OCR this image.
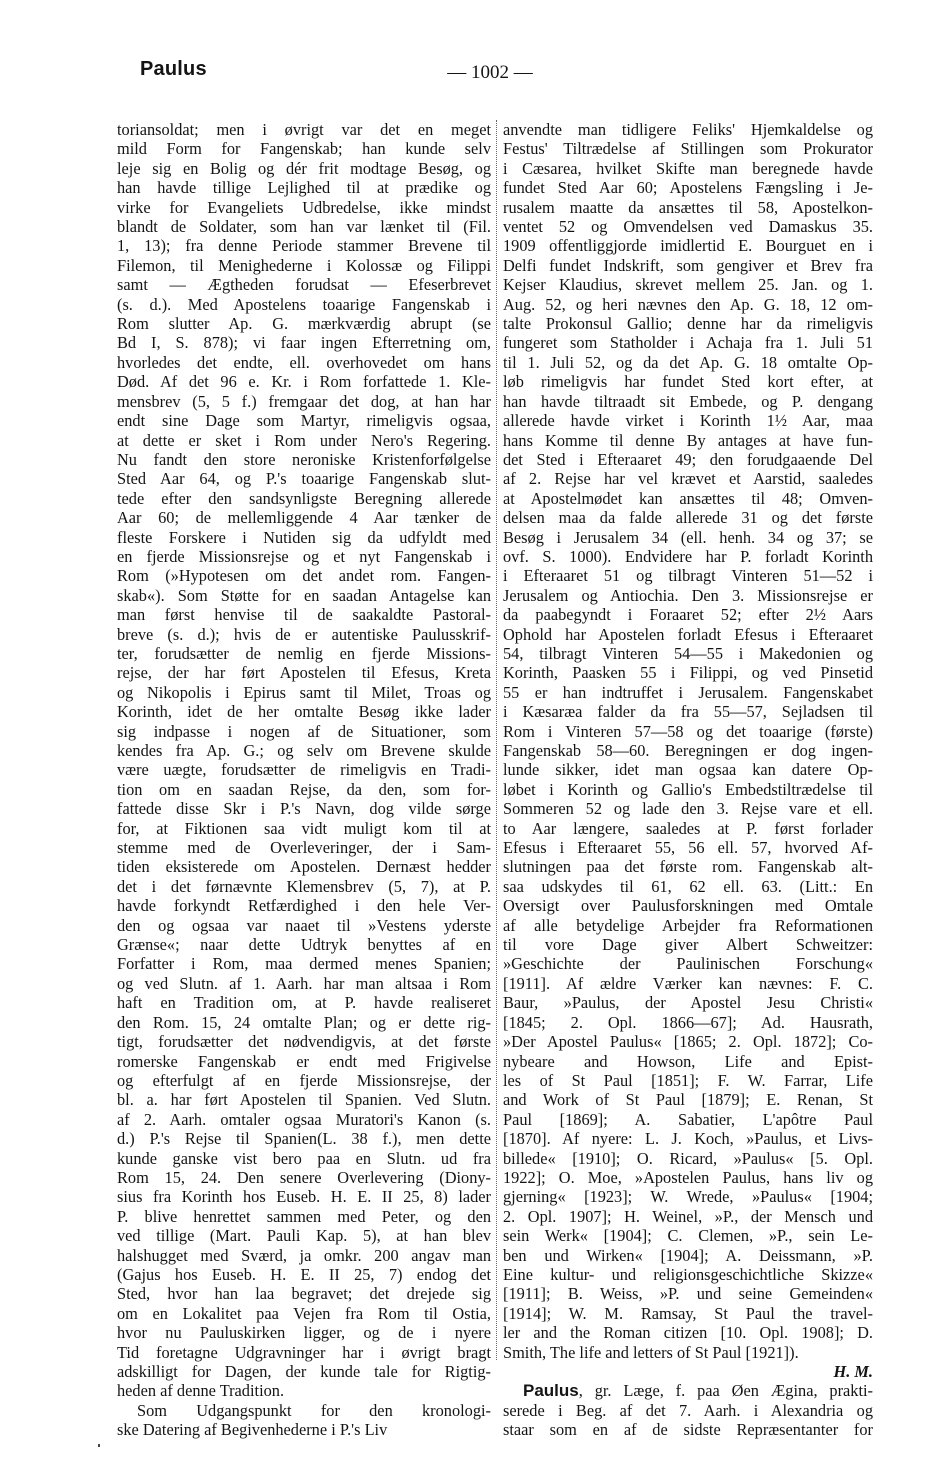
Paulus	— 1002 —
toriansoldat; men i øvrigt var det en meget
mild Form for Fangenskab; han kunde selv
leje sig en Bolig og dér frit modtage Besøg, og
han havde tillige Lejlighed til at prædike og
virke for Evangeliets Udbredelse, ikke mindst
blandt de Soldater, som han var lænket til (Fil.
1, 13); fra denne Periode stammer Brevene til
Filemon, til Menighederne i Kolossæ og Filippi
samt — Ægtheden forudsat — Efeserbrevet
(s. d.). Med Apostelens toaarige Fangenskab i
Rom slutter Ap. G. mærkværdig abrupt (se
Bd I, S. 878); vi faar ingen Efterretning om,
hvorledes det endte, ell. overhovedet om hans
Død. Af det 96 e. Kr. i Rom forfattede 1. Kle-
mensbrev (5, 5 f.) fremgaar det dog, at han har
endt sine Dage som Martyr, rimeligvis ogsaa,
at dette er sket i Rom under Nero's Regering.
Nu fandt den store neroniske Kristenforfølgelse
Sted Aar 64, og P.'s toaarige Fangenskab slut-
tede efter den sandsynligste Beregning allerede
Aar 60; de mellemliggende 4 Aar tænker de
fleste Forskere i Nutiden sig da udfyldt med
en fjerde Missionsrejse og et nyt Fangenskab i
Rom (»Hypotesen om det andet rom. Fangen-
skab«). Som Støtte for en saadan Antagelse kan
man først henvise til de saakaldte Pastoral-
breve (s. d.); hvis de er autentiske Paulusskrif-
ter, forudsætter de nemlig en fjerde Missions-
rejse, der har ført Apostelen til Efesus, Kreta
og Nikopolis i Epirus samt til Milet, Troas og
Korinth, idet de her omtalte Besøg ikke lader
sig indpasse i nogen af de Situationer, som
kendes fra Ap. G.; og selv om Brevene skulde
være uægte, forudsætter de rimeligvis en Tradi-
tion om en saadan Rejse, da den, som for-
fattede disse Skr i P.'s Navn, dog vilde sørge
for, at Fiktionen saa vidt muligt kom til at
stemme med de Overleveringer, der i Sam-
tiden eksisterede om Apostelen. Dernæst hedder
det i det førnævnte Klemensbrev (5, 7), at P.
havde forkyndt Retfærdighed i den hele Ver-
den og ogsaa var naaet til »Vestens yderste
Grænse«; naar dette Udtryk benyttes af en
Forfatter i Rom, maa dermed menes Spanien;
og ved Slutn. af 1. Aarh. har man altsaa i Rom
haft en Tradition om, at P. havde realiseret
den Rom. 15, 24 omtalte Plan; og er dette rig-
tigt, forudsætter det nødvendigvis, at det første
romerske Fangenskab er endt med Frigivelse
og efterfulgt af en fjerde Missionsrejse, der
bl. a. har ført Apostelen til Spanien. Ved Slutn.
af 2. Aarh. omtaler ogsaa Muratori's Kanon (s.
d.) P.'s Rejse til Spanien(L. 38 f.), men dette
kunde ganske vist bero paa en Slutn. ud fra
Rom 15, 24. Den senere Overlevering (Diony-
sius fra Korinth hos Euseb. H. E. II 25, 8) lader
P. blive henrettet sammen med Peter, og den
ved tillige (Mart. Pauli Kap. 5), at han blev
halshugget med Sværd, ja omkr. 200 angav man
(Gajus hos Euseb. H. E. II 25, 7) endog det
Sted, hvor han laa begravet; det drejede sig
om en Lokalitet paa Vejen fra Rom til Ostia,
hvor nu Pauluskirken ligger, og de i nyere
Tid foretagne Udgravninger har i øvrigt bragt
adskilligt for Dagen, der kunde tale for Rigtig-
heden af denne Tradition.
Som Udgangspunkt for den kronologi-
ske Datering af Begivenhederne i P.'s Liv
anvendte man tidligere Feliks' Hjemkaldelse og
Festus' Tiltrædelse af Stillingen som Prokurator
i Cæsarea, hvilket Skifte man beregnede havde
fundet Sted Aar 60; Apostelens Fængsling i Je-
rusalem maatte da ansættes til 58, Apostelkon-
ventet 52 og Omvendelsen ved Damaskus 35.
1909 offentliggjorde imidlertid E. Bourguet en i
Delfi fundet Indskrift, som gengiver et Brev fra
Kejser Klaudius, skrevet mellem 25. Jan. og 1.
Aug. 52, og heri nævnes den Ap. G. 18, 12 om-
talte Prokonsul Gallio; denne har da rimeligvis
fungeret som Statholder i Achaja fra 1. Juli 51
til 1. Juli 52, og da det Ap. G. 18 omtalte Op-
løb rimeligvis har fundet Sted kort efter, at
han havde tiltraadt sit Embede, og P. dengang
allerede havde virket i Korinth 1½ Aar, maa
hans Komme til denne By antages at have fun-
det Sted i Efteraaret 49; den forudgaaende Del
af 2. Rejse har vel krævet et Aarstid, saaledes
at Apostelmødet kan ansættes til 48; Omven-
delsen maa da falde allerede 31 og det første
Besøg i Jerusalem 34 (ell. henh. 34 og 37; se
ovf. S. 1000). Endvidere har P. forladt Korinth
i Efteraaret 51 og tilbragt Vinteren 51—52 i
Jerusalem og Antiochia. Den 3. Missionsrejse er
da paabegyndt i Foraaret 52; efter 2½ Aars
Ophold har Apostelen forladt Efesus i Efteraaret
54, tilbragt Vinteren 54—55 i Makedonien og
Korinth, Paasken 55 i Filippi, og ved Pinsetid
55 er han indtruffet i Jerusalem. Fangenskabet
i Kæsaræa falder da fra 55—57, Sejladsen til
Rom i Vinteren 57—58 og det toaarige (første)
Fangenskab 58—60. Beregningen er dog ingen-
lunde sikker, idet man ogsaa kan datere Op-
løbet i Korinth og Gallio's Embedstiltrædelse til
Sommeren 52 og lade den 3. Rejse vare et ell.
to Aar længere, saaledes at P. først forlader
Efesus i Efteraaret 55, 56 ell. 57, hvorved Af-
slutningen paa det første rom. Fangenskab alt-
saa udskydes til 61, 62 ell. 63. (Litt.: En
Oversigt over Paulusforskningen med Omtale
af alle betydelige Arbejder fra Reformationen
til vore Dage giver Albert Schweitzer:
»Geschichte der Paulinischen Forschung«
[1911]. Af ældre Værker kan nævnes: F. C.
Baur, »Paulus, der Apostel Jesu Christi«
[1845; 2. Opl. 1866—67]; Ad. Hausrath,
»Der Apostel Paulus« [1865; 2. Opl. 1872]; Co-
nybeare and Howson, Life and Epist-
les of St Paul [1851]; F. W. Farrar, Life
and Work of St Paul [1879]; E. Renan, St
Paul [1869]; A. Sabatier, L'apôtre Paul
[1870]. Af nyere: L. J. Koch, »Paulus, et Livs-
billede« [1910]; O. Ricard, »Paulus« [5. Opl.
1922]; O. Moe, »Apostelen Paulus, hans liv og
gjerning« [1923]; W. Wrede, »Paulus« [1904;
2. Opl. 1907]; H. Weinel, »P., der Mensch und
sein Werk« [1904]; C. Clemen, »P., sein Le-
ben und Wirken« [1904]; A. Deissmann, »P.
Eine kultur- und religionsgeschichtliche Skizze«
[1911]; B. Weiss, »P. und seine Gemeinden«
[1914]; W. M. Ramsay, St Paul the travel-
ler and the Roman citizen [10. Opl. 1908]; D.
Smith, The life and letters of St Paul [1921]).
H. M.
Paulus, gr. Læge, f. paa Øen Ægina, prakti-
serede i Beg. af det 7. Aarh. i Alexandria og
staar som en af de sidste Repræsentanter for
